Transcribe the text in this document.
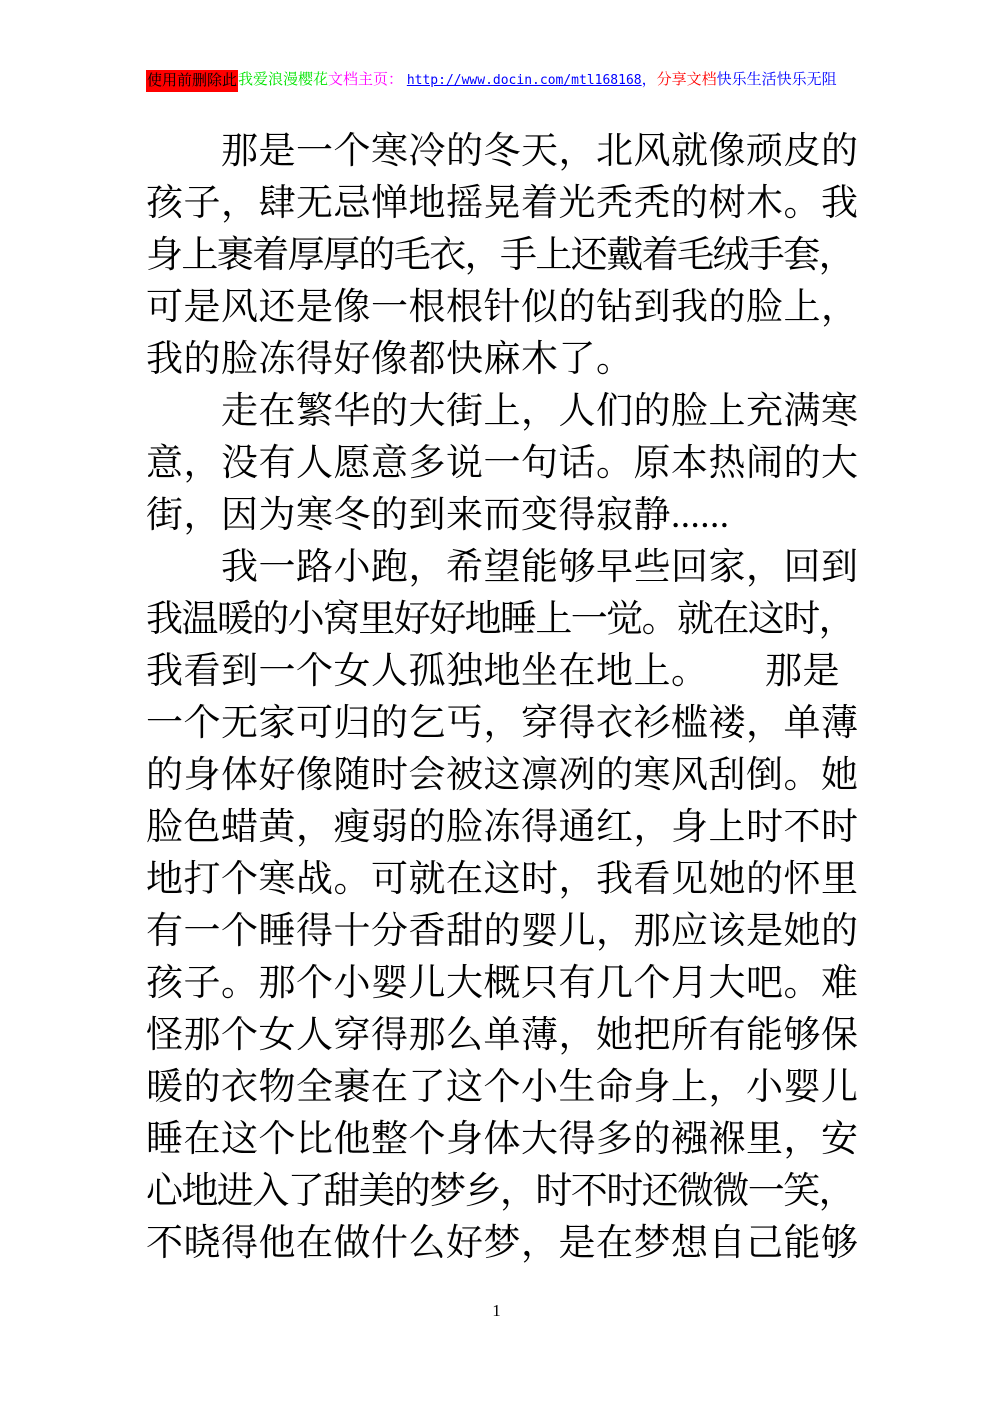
使用前删除此我爱浪漫樱花文档主页： http://www.docin.com/mtl168168，分享文档快乐生活快乐无阻
　　那是一个寒冷的冬天，北风就像顽皮的
孩子，肆无忌惮地摇晃着光秃秃的树木。我
身上裹着厚厚的毛衣，手上还戴着毛绒手套，
可是风还是像一根根针似的钻到我的脸上，
我的脸冻得好像都快麻木了。
　　走在繁华的大街上，人们的脸上充满寒
意，没有人愿意多说一句话。原本热闹的大
街，因为寒冬的到来而变得寂静......
　　我一路小跑，希望能够早些回家，回到
我温暖的小窝里好好地睡上一觉。就在这时，
我看到一个女人孤独地坐在地上。　　那是
一个无家可归的乞丐，穿得衣衫槛褛，单薄
的身体好像随时会被这凛冽的寒风刮倒。她
脸色蜡黄，瘦弱的脸冻得通红，身上时不时
地打个寒战。可就在这时，我看见她的怀里
有一个睡得十分香甜的婴儿，那应该是她的
孩子。那个小婴儿大概只有几个月大吧。难
怪那个女人穿得那么单薄，她把所有能够保
暖的衣物全裹在了这个小生命身上，小婴儿
睡在这个比他整个身体大得多的襁褓里，安
心地进入了甜美的梦乡，时不时还微微一笑，
不晓得他在做什么好梦，是在梦想自己能够
1
